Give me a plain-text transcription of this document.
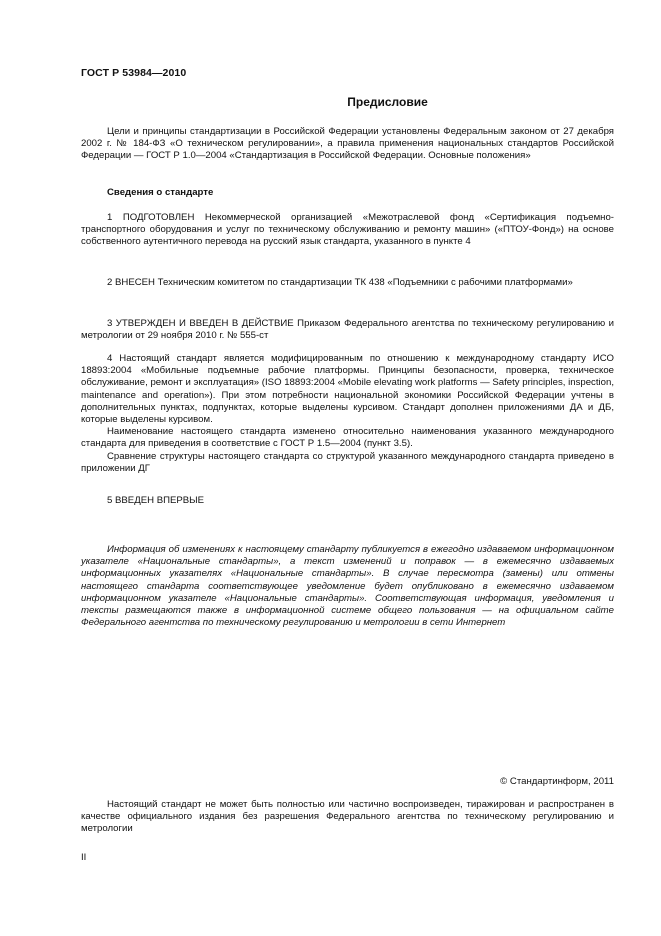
ГОСТ Р 53984—2010
Предисловие

Цели и принципы стандартизации в Российской Федерации установлены Федеральным законом от 27 декабря 2002 г. № 184-ФЗ «О техническом регулировании», а правила применения национальных стандартов Российской Федерации — ГОСТ Р 1.0—2004 «Стандартизация в Российской Федерации. Основные положения»

Сведения о стандарте

1 ПОДГОТОВЛЕН Некоммерческой организацией «Межотраслевой фонд «Сертификация подъемно-транспортного оборудования и услуг по техническому обслуживанию и ремонту машин» («ПТОУ-Фонд») на основе собственного аутентичного перевода на русский язык стандарта, указанного в пункте 4

2 ВНЕСЕН Техническим комитетом по стандартизации ТК 438 «Подъемники с рабочими платформами»

3 УТВЕРЖДЕН И ВВЕДЕН В ДЕЙСТВИЕ Приказом Федерального агентства по техническому регулированию и метрологии от 29 ноября 2010 г. № 555-ст

4 Настоящий стандарт является модифицированным по отношению к международному стандарту ИСО 18893:2004 «Мобильные подъемные рабочие платформы. Принципы безопасности, проверка, техническое обслуживание, ремонт и эксплуатация» (ISO 18893:2004 «Mobile elevating work platforms — Safety principles, inspection, maintenance and operation»). При этом потребности национальной экономики Российской Федерации учтены в дополнительных пунктах, подпунктах, которые выделены курсивом. Стандарт дополнен приложениями ДА и ДБ, которые выделены курсивом.

Наименование настоящего стандарта изменено относительно наименования указанного международного стандарта для приведения в соответствие с ГОСТ Р 1.5—2004 (пункт 3.5).

Сравнение структуры настоящего стандарта со структурой указанного международного стандарта приведено в приложении ДГ

5 ВВЕДЕН ВПЕРВЫЕ

Информация об изменениях к настоящему стандарту публикуется в ежегодно издаваемом информационном указателе «Национальные стандарты», а текст изменений и поправок — в ежемесячно издаваемых информационных указателях «Национальные стандарты». В случае пересмотра (замены) или отмены настоящего стандарта соответствующее уведомление будет опубликовано в ежемесячно издаваемом информационном указателе «Национальные стандарты». Соответствующая информация, уведомления и тексты размещаются также в информационной системе общего пользования — на официальном сайте Федерального агентства по техническому регулированию и метрологии в сети Интернет

© Стандартинформ, 2011

Настоящий стандарт не может быть полностью или частично воспроизведен, тиражирован и распространен в качестве официального издания без разрешения Федерального агентства по техническому регулированию и метрологии

II
